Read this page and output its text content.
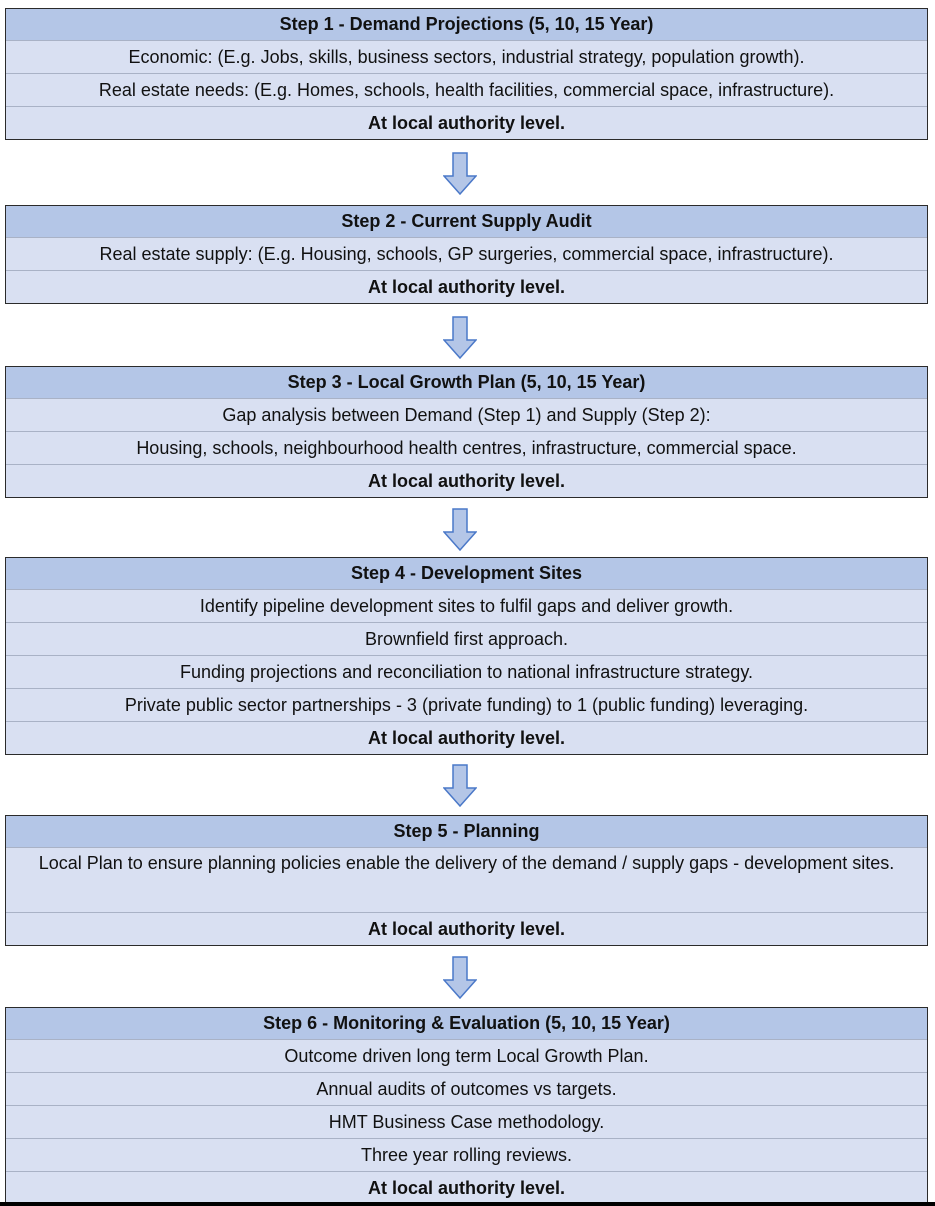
Step 1 - Demand Projections (5, 10, 15 Year)
Economic: (E.g. Jobs, skills, business sectors, industrial strategy, population growth).
Real estate needs: (E.g. Homes, schools, health facilities, commercial space, infrastructure).
At local authority level.
Step 2 - Current Supply Audit
Real estate supply: (E.g. Housing, schools, GP surgeries, commercial space, infrastructure).
At local authority level.
Step 3 - Local Growth Plan (5, 10, 15 Year)
Gap analysis between Demand (Step 1) and Supply (Step 2):
Housing, schools, neighbourhood health centres, infrastructure, commercial space.
At local authority level.
Step 4 - Development Sites
Identify pipeline development sites to fulfil gaps and deliver growth.
Brownfield first approach.
Funding projections and reconciliation to national infrastructure strategy.
Private public sector partnerships - 3 (private funding) to 1 (public funding) leveraging.
At local authority level.
Step 5 - Planning
Local Plan to ensure planning policies enable the delivery of the demand / supply gaps - development sites.
At local authority level.
Step 6 - Monitoring & Evaluation (5, 10, 15 Year)
Outcome driven long term Local Growth Plan.
Annual audits of outcomes vs targets.
HMT Business Case methodology.
Three year rolling reviews.
At local authority level.
